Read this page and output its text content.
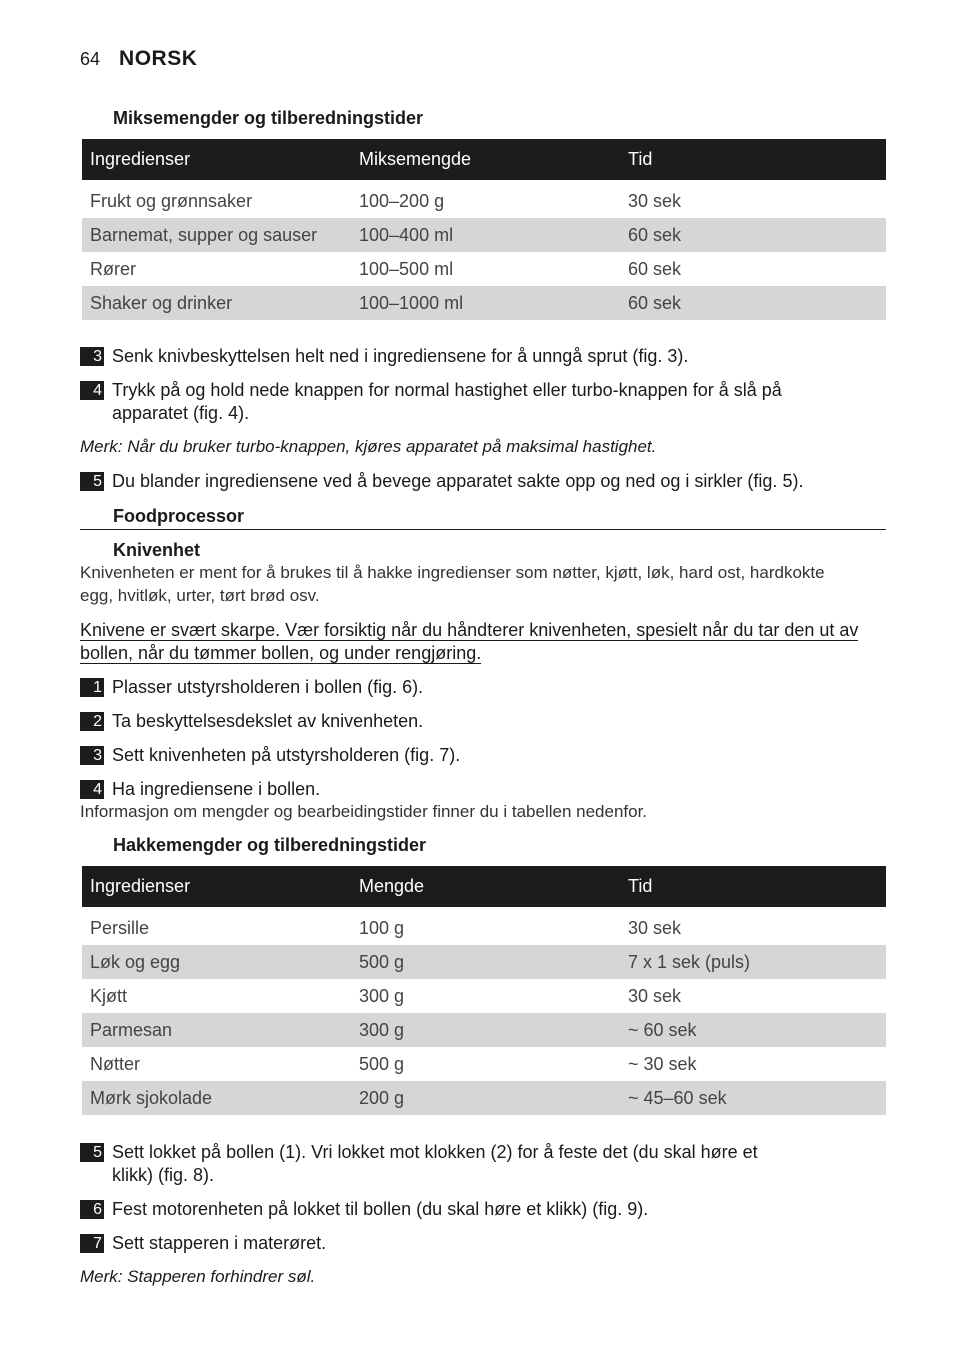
64 NORSK
Miksemengder og tilberedningstider
Ingredienser	Miksemengde	Tid
Frukt og grønnsaker	100–200 g	30 sek
Barnemat, supper og sauser	100–400 ml	60 sek
Rører	100–500 ml	60 sek
Shaker og drinker	100–1000 ml	60 sek
3 Senk knivbeskyttelsen helt ned i ingrediensene for å unngå sprut (fig. 3).
4 Trykk på og hold nede knappen for normal hastighet eller turbo-knappen for å slå på
apparatet (fig. 4).
Merk: Når du bruker turbo-knappen, kjøres apparatet på maksimal hastighet.
5 Du blander ingrediensene ved å bevege apparatet sakte opp og ned og i sirkler (fig. 5).
Foodprocessor
Knivenhet
Knivenheten er ment for å brukes til å hakke ingredienser som nøtter, kjøtt, løk, hard ost, hardkokte
egg, hvitløk, urter, tørt brød osv.
Knivene er svært skarpe. Vær forsiktig når du håndterer knivenheten, spesielt når du tar den ut av
bollen, når du tømmer bollen, og under rengjøring.
1 Plasser utstyrsholderen i bollen (fig. 6).
2 Ta beskyttelsesdekslet av knivenheten.
3 Sett knivenheten på utstyrsholderen (fig. 7).
4 Ha ingrediensene i bollen.
Informasjon om mengder og bearbeidingstider finner du i tabellen nedenfor.
Hakkemengder og tilberedningstider
Ingredienser	Mengde	Tid
Persille	100 g	30 sek
Løk og egg	500 g	7 x 1 sek (puls)
Kjøtt	300 g	30 sek
Parmesan	300 g	~ 60 sek
Nøtter	500 g	~ 30 sek
Mørk sjokolade	200 g	~ 45–60 sek
5 Sett lokket på bollen (1). Vri lokket mot klokken (2) for å feste det (du skal høre et
klikk) (fig. 8).
6 Fest motorenheten på lokket til bollen (du skal høre et klikk) (fig. 9).
7 Sett stapperen i materøret.
Merk: Stapperen forhindrer søl.
